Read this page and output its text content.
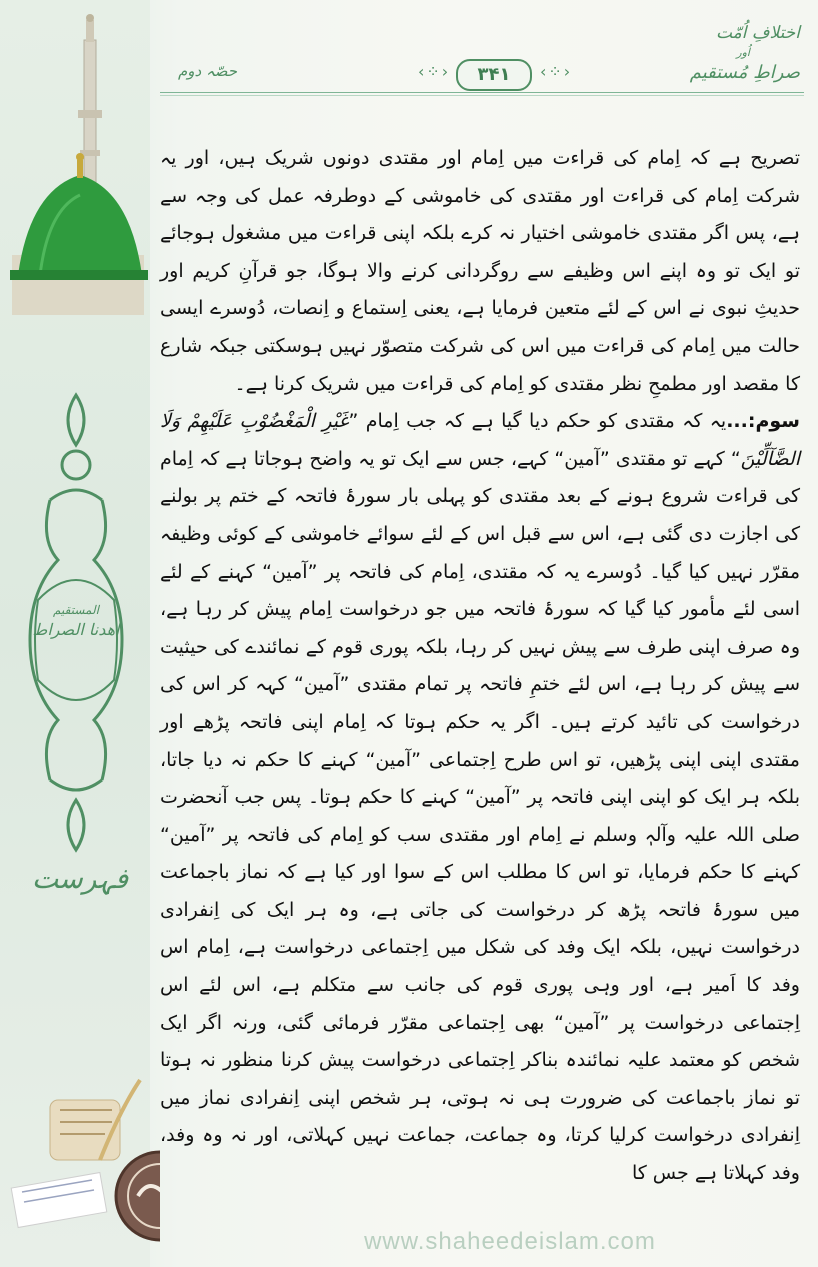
المستقیم
اھدنا الصراط
فہرست
حصّہ دوم	‹⁘›	۳۴۱	‹⁘›
اختلافِ اُمّت
اُور
صراطِ مُستقیم

تصریح ہے کہ اِمام کی قراءت میں اِمام اور مقتدی دونوں شریک ہیں، اور یہ شرکت اِمام کی قراءت اور مقتدی کی خاموشی کے دوطرفہ عمل کی وجہ سے ہے، پس اگر مقتدی خاموشی اختیار نہ کرے بلکہ اپنی قراءت میں مشغول ہوجائے تو ایک تو وہ اپنے اس وظیفے سے روگردانی کرنے والا ہوگا، جو قرآنِ کریم اور حدیثِ نبوی نے اس کے لئے متعین فرمایا ہے، یعنی اِستماع و اِنصات، دُوسرے ایسی حالت میں اِمام کی قراءت میں اس کی شرکت متصوّر نہیں ہوسکتی جبکہ شارع کا مقصد اور مطمحِ نظر مقتدی کو اِمام کی قراءت میں شریک کرنا ہے۔

سوم:...یہ کہ مقتدی کو حکم دیا گیا ہے کہ جب اِمام ”غَیْرِ الْمَغْضُوْبِ عَلَیْھِمْ وَلَا الضَّآلِّیْنَ“ کہے تو مقتدی ”آمین“ کہے، جس سے ایک تو یہ واضح ہوجاتا ہے کہ اِمام کی قراءت شروع ہونے کے بعد مقتدی کو پہلی بار سورۂ فاتحہ کے ختم پر بولنے کی اجازت دی گئی ہے، اس سے قبل اس کے لئے سوائے خاموشی کے کوئی وظیفہ مقرّر نہیں کیا گیا۔ دُوسرے یہ کہ مقتدی، اِمام کی فاتحہ پر ”آمین“ کہنے کے لئے اسی لئے مأمور کیا گیا کہ سورۂ فاتحہ میں جو درخواست اِمام پیش کر رہا ہے، وہ صرف اپنی طرف سے پیش نہیں کر رہا، بلکہ پوری قوم کے نمائندے کی حیثیت سے پیش کر رہا ہے، اس لئے ختمِ فاتحہ پر تمام مقتدی ”آمین“ کہہ کر اس کی درخواست کی تائید کرتے ہیں۔ اگر یہ حکم ہوتا کہ اِمام اپنی فاتحہ پڑھے اور مقتدی اپنی اپنی پڑھیں، تو اس طرح اِجتماعی ”آمین“ کہنے کا حکم نہ دیا جاتا، بلکہ ہر ایک کو اپنی اپنی فاتحہ پر ”آمین“ کہنے کا حکم ہوتا۔ پس جب آنحضرت صلی اللہ علیہ وآلہٖ وسلم نے اِمام اور مقتدی سب کو اِمام کی فاتحہ پر ”آمین“ کہنے کا حکم فرمایا، تو اس کا مطلب اس کے سوا اور کیا ہے کہ نماز باجماعت میں سورۂ فاتحہ پڑھ کر درخواست کی جاتی ہے، وہ ہر ایک کی اِنفرادی درخواست نہیں، بلکہ ایک وفد کی شکل میں اِجتماعی درخواست ہے، اِمام اس وفد کا اَمیر ہے، اور وہی پوری قوم کی جانب سے متکلم ہے، اس لئے اس اِجتماعی درخواست پر ”آمین“ بھی اِجتماعی مقرّر فرمائی گئی، ورنہ اگر ایک شخص کو معتمد علیہ نمائندہ بناکر اِجتماعی درخواست پیش کرنا منظور نہ ہوتا تو نماز باجماعت کی ضرورت ہی نہ ہوتی، ہر شخص اپنی اِنفرادی نماز میں اِنفرادی درخواست کرلیا کرتا، وہ جماعت، جماعت نہیں کہلاتی، اور نہ وہ وفد، وفد کہلاتا ہے جس کا

www.shaheedeislam.com
